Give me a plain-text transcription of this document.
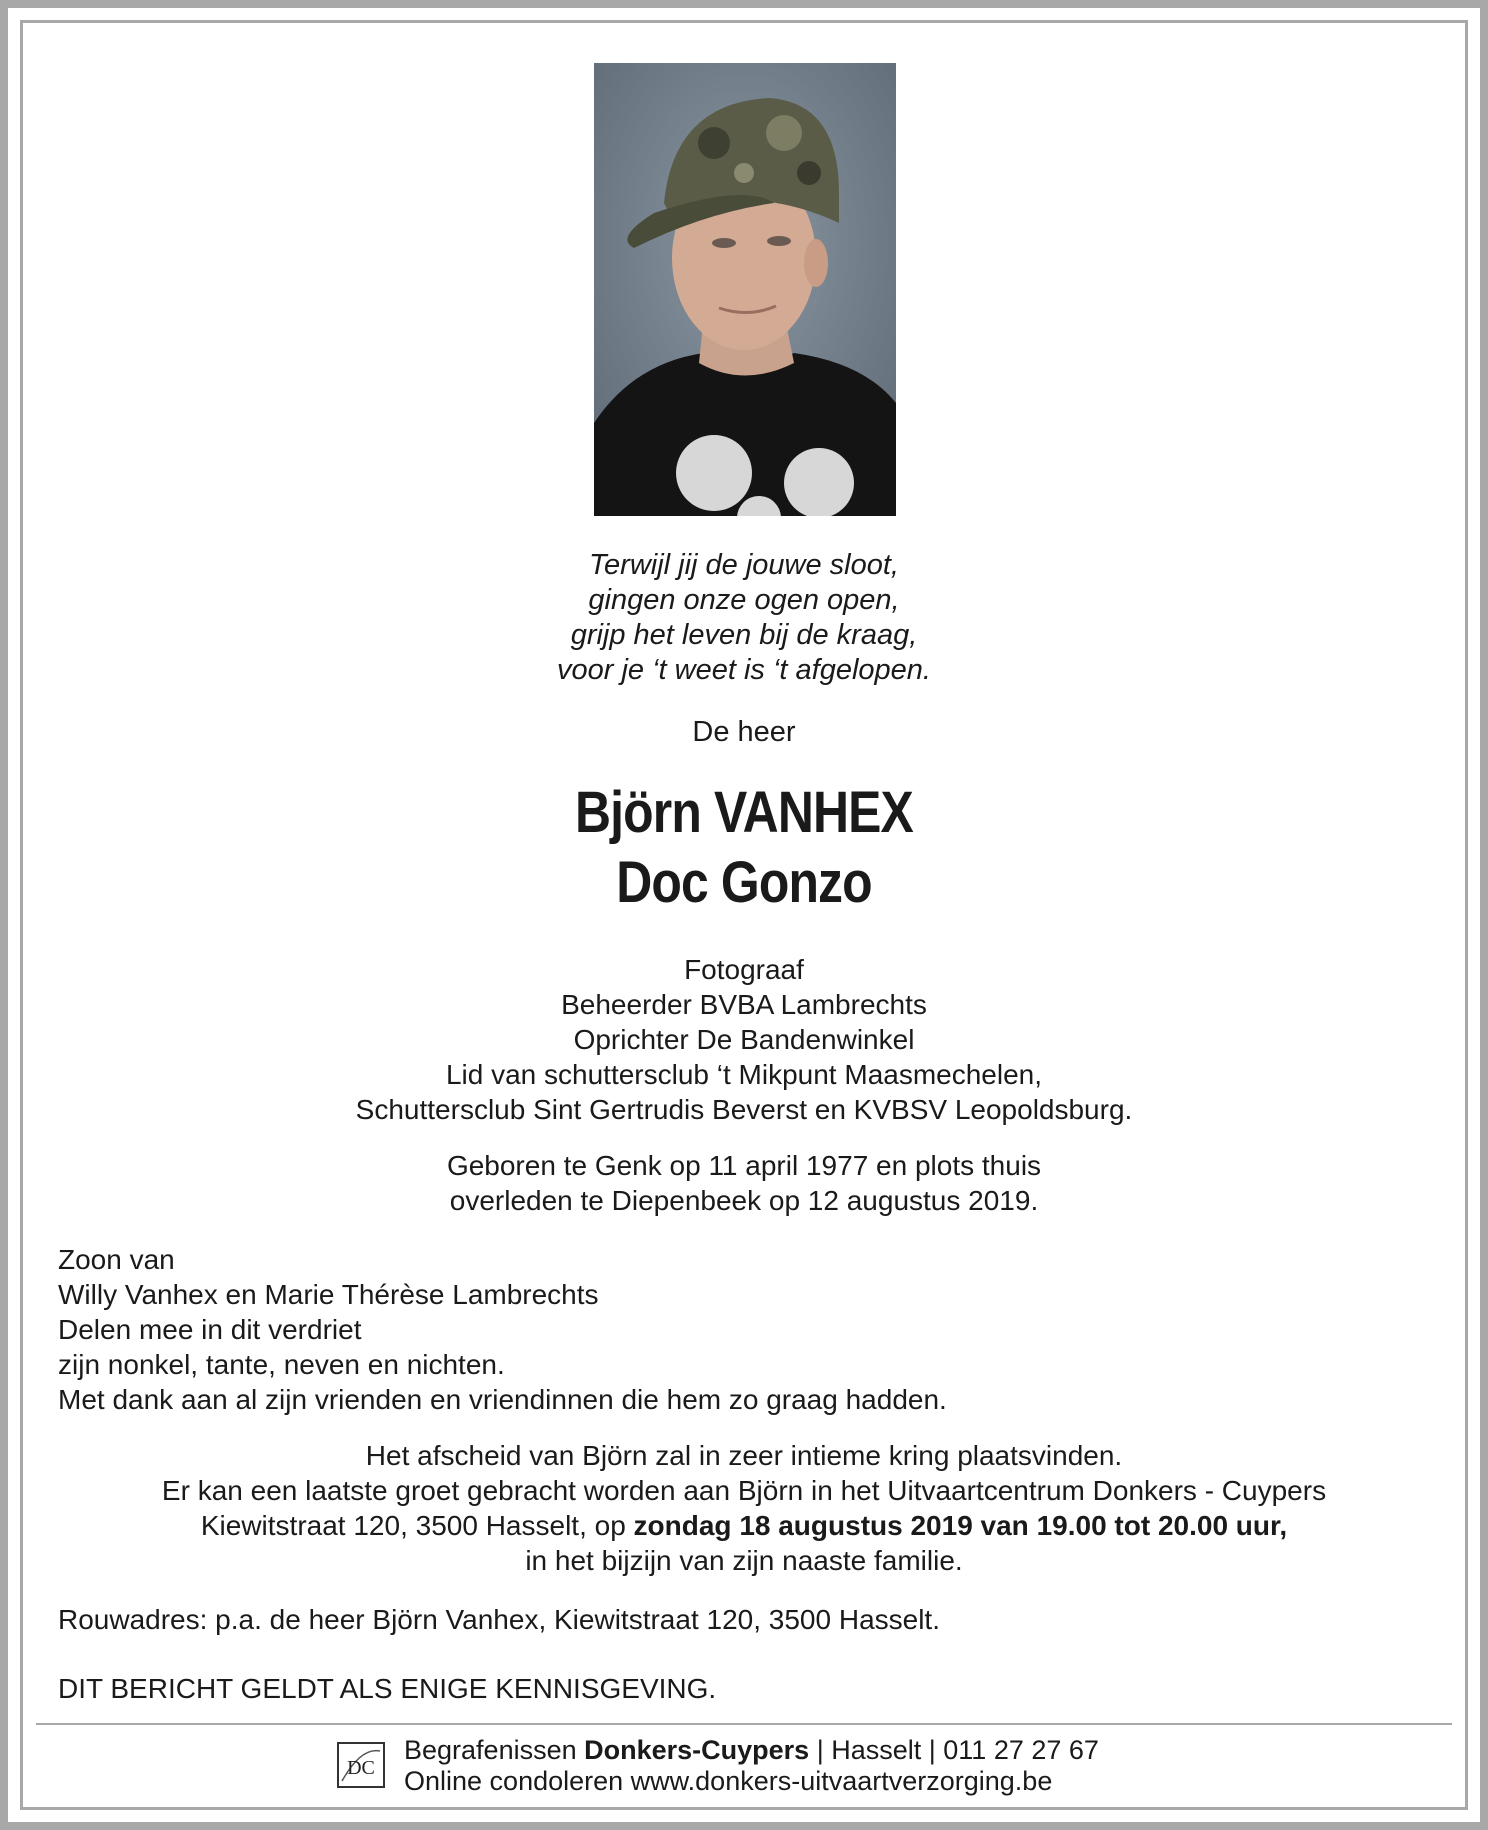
Terwijl jij de jouwe sloot,
gingen onze ogen open,
grijp het leven bij de kraag,
voor je ‘t weet is ‘t afgelopen.
De heer
Björn VANHEX
Doc Gonzo
Fotograaf
Beheerder BVBA Lambrechts
Oprichter De Bandenwinkel
Lid van schuttersclub ‘t Mikpunt Maasmechelen,
Schuttersclub Sint Gertrudis Beverst en KVBSV Leopoldsburg.
Geboren te Genk op 11 april 1977 en plots thuis
overleden te Diepenbeek op 12 augustus 2019.
Zoon van
Willy Vanhex en Marie Thérèse Lambrechts
Delen mee in dit verdriet
zijn nonkel, tante, neven en nichten.
Met dank aan al zijn vrienden en vriendinnen die hem zo graag hadden.
Het afscheid van Björn zal in zeer intieme kring plaatsvinden.
Er kan een laatste groet gebracht worden aan Björn in het Uitvaartcentrum Donkers - Cuypers
Kiewitstraat 120, 3500 Hasselt, op zondag 18 augustus 2019 van 19.00 tot 20.00 uur,
in het bijzijn van zijn naaste familie.
Rouwadres: p.a. de heer Björn Vanhex, Kiewitstraat 120, 3500 Hasselt.
DIT BERICHT GELDT ALS ENIGE KENNISGEVING.
DC
Begrafenissen Donkers-Cuypers | Hasselt | 011 27 27 67
Online condoleren www.donkers-uitvaartverzorging.be
